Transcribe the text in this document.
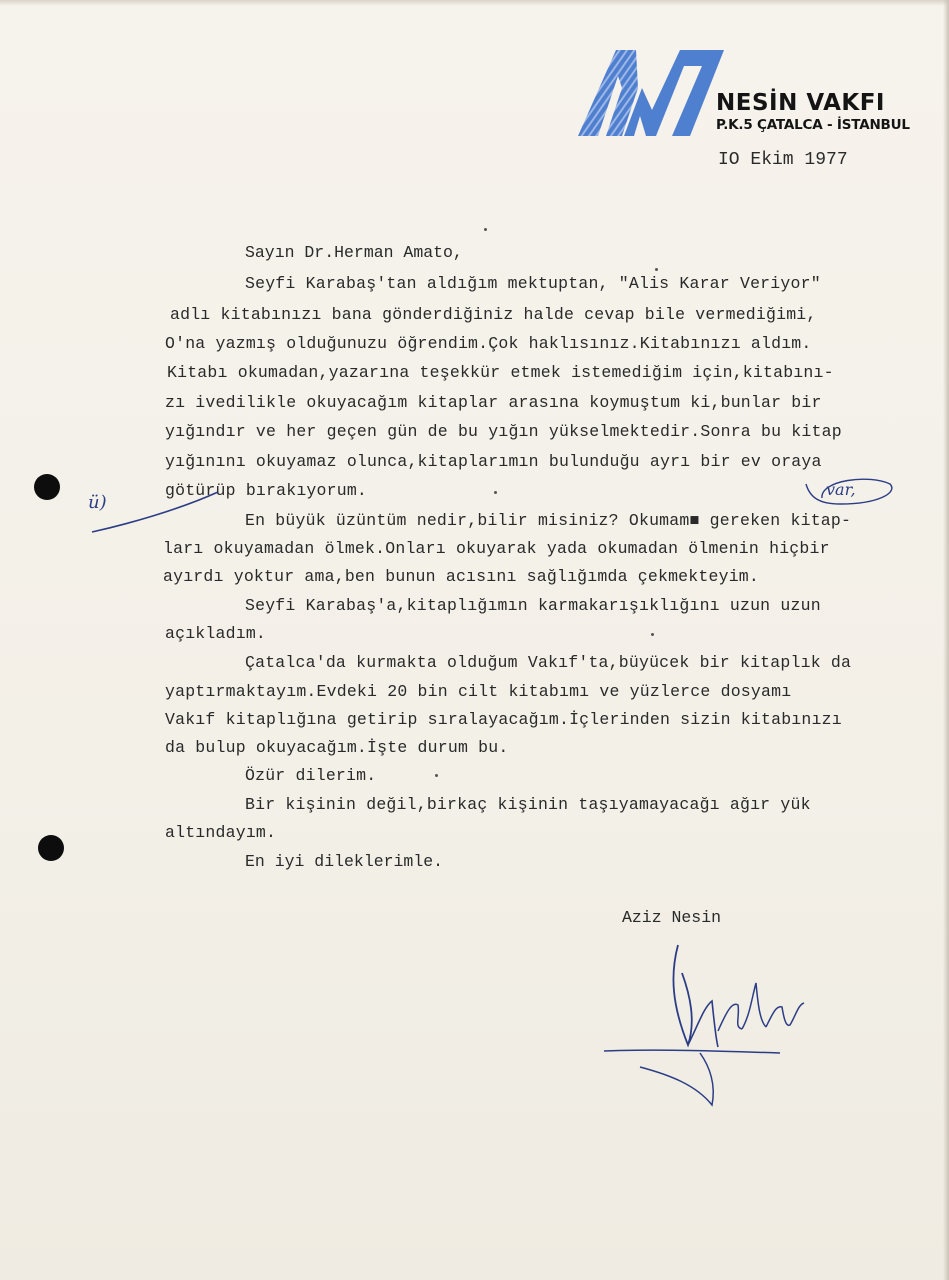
NESİN VAKFI
P.K.5 ÇATALCA - İSTANBUL
IO Ekim 1977
Sayın Dr.Herman Amato,
Seyfi Karabaş'tan aldığım mektuptan, "Alis Karar Veriyor"
adlı kitabınızı bana gönderdiğiniz halde cevap bile vermediğimi,
O'na yazmış olduğunuzu öğrendim.Çok haklısınız.Kitabınızı aldım.
Kitabı okumadan,yazarına teşekkür etmek istemediğim için,kitabını-
zı ivedilikle okuyacağım kitaplar arasına koymuştum ki,bunlar bir
yığındır ve her geçen gün de bu yığın yükselmektedir.Sonra bu kitap
yığınını okuyamaz olunca,kitaplarımın bulunduğu ayrı bir ev oraya
götürüp bırakıyorum.
En büyük üzüntüm nedir,bilir misiniz? Okumam■ gereken kitap-
ları okuyamadan ölmek.Onları okuyarak yada okumadan ölmenin hiçbir
ayırdı yoktur ama,ben bunun acısını sağlığımda çekmekteyim.
Seyfi Karabaş'a,kitaplığımın karmakarışıklığını uzun uzun
açıkladım.
Çatalca'da kurmakta olduğum Vakıf'ta,büyücek bir kitaplık da
yaptırmaktayım.Evdeki 20 bin cilt kitabımı ve yüzlerce dosyamı
Vakıf kitaplığına getirip sıralayacağım.İçlerinden sizin kitabınızı
da bulup okuyacağım.İşte durum bu.
Özür dilerim.
Bir kişinin değil,birkaç kişinin taşıyamayacağı ağır yük
altındayım.
En iyi dileklerimle.
Aziz Nesin
ü)
var,
